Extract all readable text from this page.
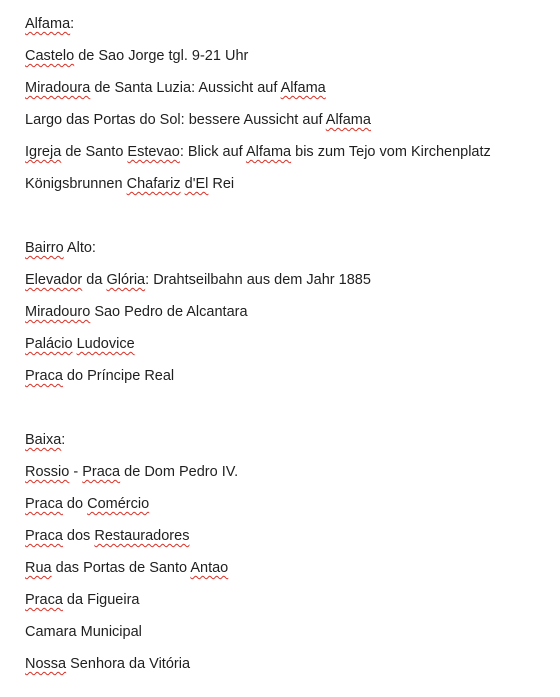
Alfama:
Castelo de Sao Jorge tgl. 9-21 Uhr
Miradoura de Santa Luzia: Aussicht auf Alfama
Largo das Portas do Sol: bessere Aussicht auf Alfama
Igreja de Santo Estevao: Blick auf Alfama bis zum Tejo vom Kirchenplatz
Königsbrunnen Chafariz d'El Rei
Bairro Alto:
Elevador da Glória: Drahtseilbahn aus dem Jahr 1885
Miradouro Sao Pedro de Alcantara
Palácio Ludovice
Praca do Príncipe Real
Baixa:
Rossio - Praca de Dom Pedro IV.
Praca do Comércio
Praca dos Restauradores
Rua das Portas de Santo Antao
Praca da Figueira
Camara Municipal
Nossa Senhora da Vitória
